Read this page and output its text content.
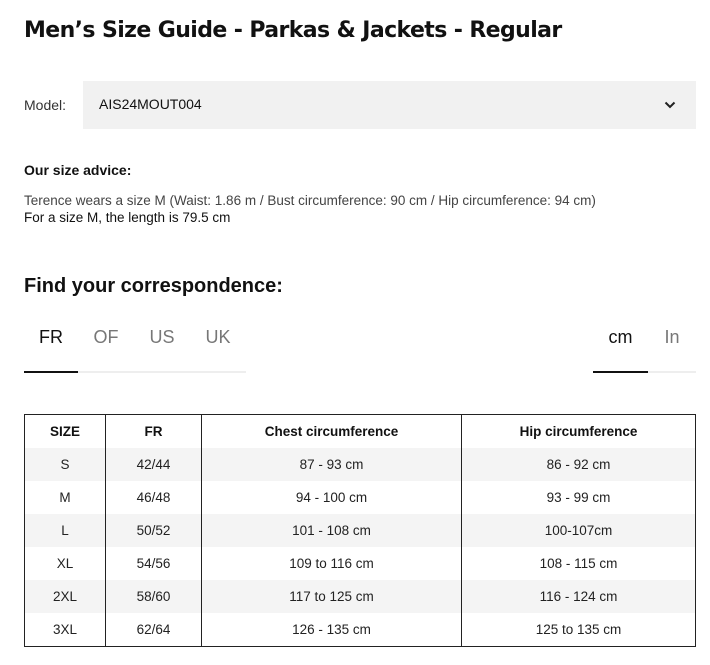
Men’s Size Guide - Parkas & Jackets - Regular
Model: AIS24MOUT004
Our size advice:
Terence wears a size M (Waist: 1.86 m / Bust circumference: 90 cm / Hip circumference: 94 cm)
For a size M, the length is 79.5 cm
Find your correspondence:
FR	OF	US	UK	cm	In
SIZE	FR	Chest circumference	Hip circumference
S	42/44	87 - 93 cm	86 - 92 cm
M	46/48	94 - 100 cm	93 - 99 cm
L	50/52	101 - 108 cm	100-107cm
XL	54/56	109 to 116 cm	108 - 115 cm
2XL	58/60	117 to 125 cm	116 - 124 cm
3XL	62/64	126 - 135 cm	125 to 135 cm
